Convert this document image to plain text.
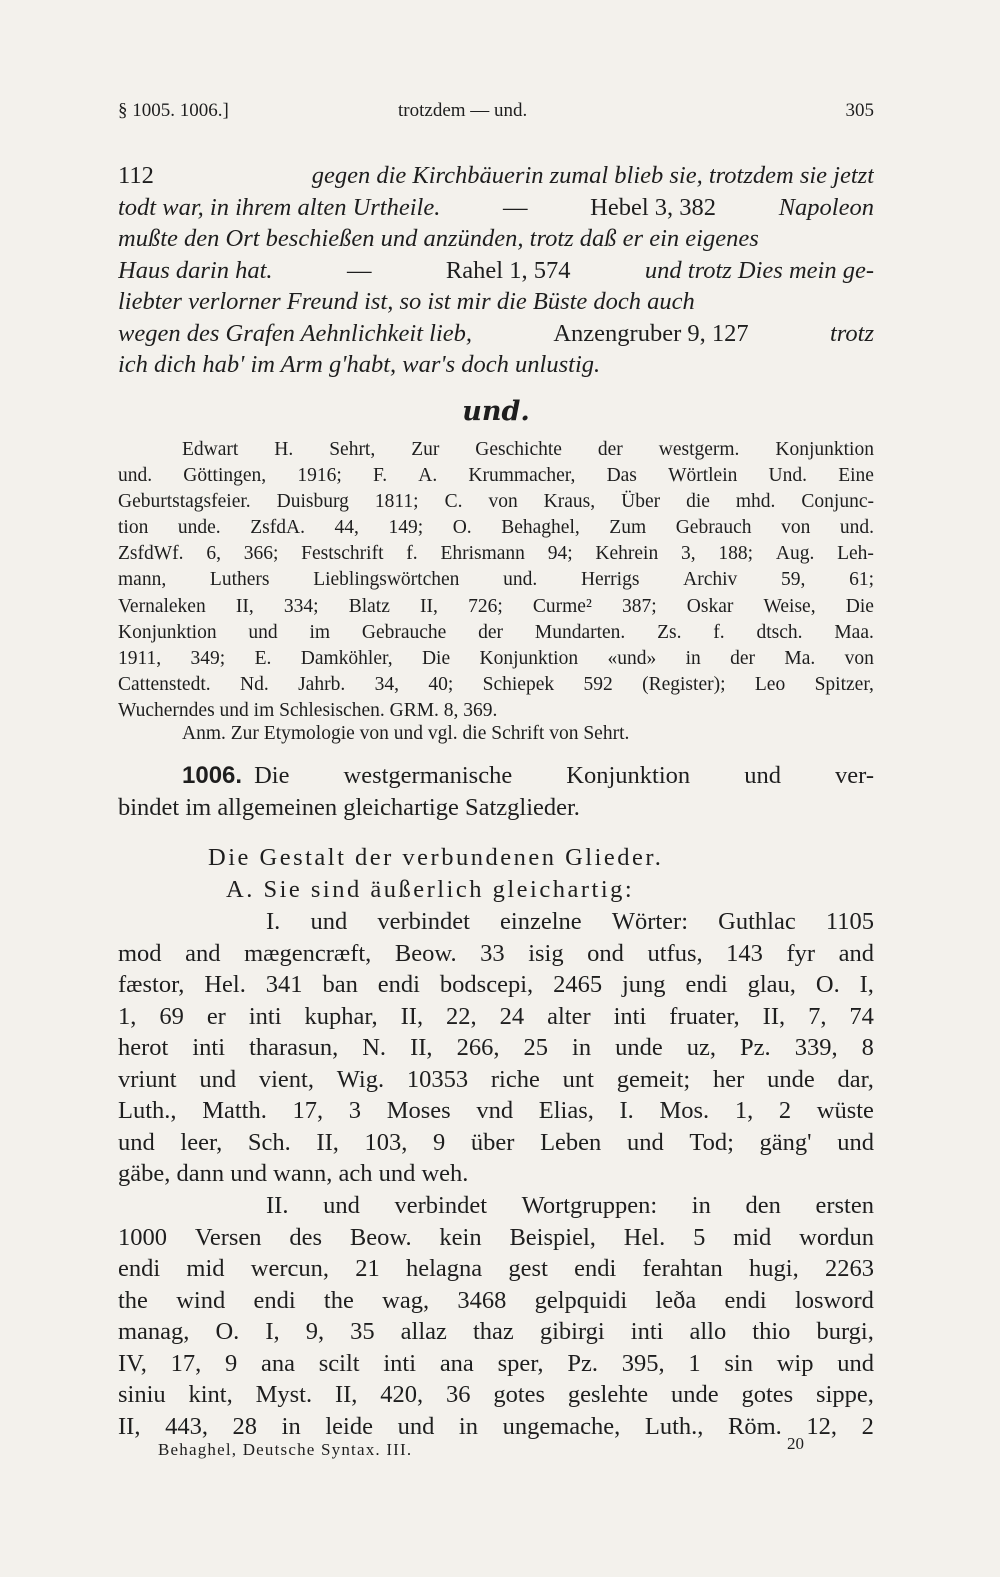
§ 1005. 1006.]	trotzdem — und.	305
112	gegen die Kirchbäuerin zumal blieb sie, trotzdem sie jetzt
todt war, in ihrem alten Urtheile.	—	Hebel 3, 382	Napoleon
mußte den Ort beschießen und anzünden, trotz daß er ein eigenes
Haus darin hat.	—	Rahel 1, 574	und trotz Dies mein ge-
liebter verlorner Freund ist, so ist mir die Büste doch auch
wegen des Grafen Aehnlichkeit lieb,	Anzengruber 9, 127	trotz
ich dich hab' im Arm g'habt, war's doch unlustig.
und.
Edwart H. Sehrt, Zur Geschichte der westgerm. Konjunktion
und. Göttingen, 1916; F. A. Krummacher, Das Wörtlein Und. Eine
Geburtstagsfeier. Duisburg 1811; C. von Kraus, Über die mhd. Conjunc-
tion unde. ZsfdA. 44, 149; O. Behaghel, Zum Gebrauch von und.
ZsfdWf. 6, 366; Festschrift f. Ehrismann 94; Kehrein 3, 188; Aug. Leh-
mann, Luthers Lieblingswörtchen und. Herrigs Archiv 59, 61;
Vernaleken II, 334; Blatz II, 726; Curme² 387; Oskar Weise, Die
Konjunktion und im Gebrauche der Mundarten. Zs. f. dtsch. Maa.
1911, 349; E. Damköhler, Die Konjunktion «und» in der Ma. von
Cattenstedt. Nd. Jahrb. 34, 40; Schiepek 592 (Register); Leo Spitzer,
Wucherndes und im Schlesischen. GRM. 8, 369.
Anm. Zur Etymologie von und vgl. die Schrift von Sehrt.
1006. Die westgermanische Konjunktion und ver-
bindet im allgemeinen gleichartige Satzglieder.
Die Gestalt der verbundenen Glieder.
A. Sie sind äußerlich gleichartig:
I. und verbindet einzelne Wörter: Guthlac 1105
mod and mægencræft, Beow. 33 isig ond utfus, 143 fyr and
fæstor, Hel. 341 ban endi bodscepi, 2465 jung endi glau, O. I,
1, 69 er inti kuphar, II, 22, 24 alter inti fruater, II, 7, 74
herot inti tharasun, N. II, 266, 25 in unde uz, Pz. 339, 8
vriunt und vient, Wig. 10353 riche unt gemeit; her unde dar,
Luth., Matth. 17, 3 Moses vnd Elias, I. Mos. 1, 2 wüste
und leer, Sch. II, 103, 9 über Leben und Tod; gäng' und
gäbe, dann und wann, ach und weh.
II. und verbindet Wortgruppen: in den ersten
1000 Versen des Beow. kein Beispiel, Hel. 5 mid wordun
endi mid wercun, 21 helagna gest endi ferahtan hugi, 2263
the wind endi the wag, 3468 gelpquidi leða endi losword
manag, O. I, 9, 35 allaz thaz gibirgi inti allo thio burgi,
IV, 17, 9 ana scilt inti ana sper, Pz. 395, 1 sin wip und
siniu kint, Myst. II, 420, 36 gotes geslehte unde gotes sippe,
II, 443, 28 in leide und in ungemache, Luth., Röm. 12, 2
Behaghel, Deutsche Syntax. III.	20
